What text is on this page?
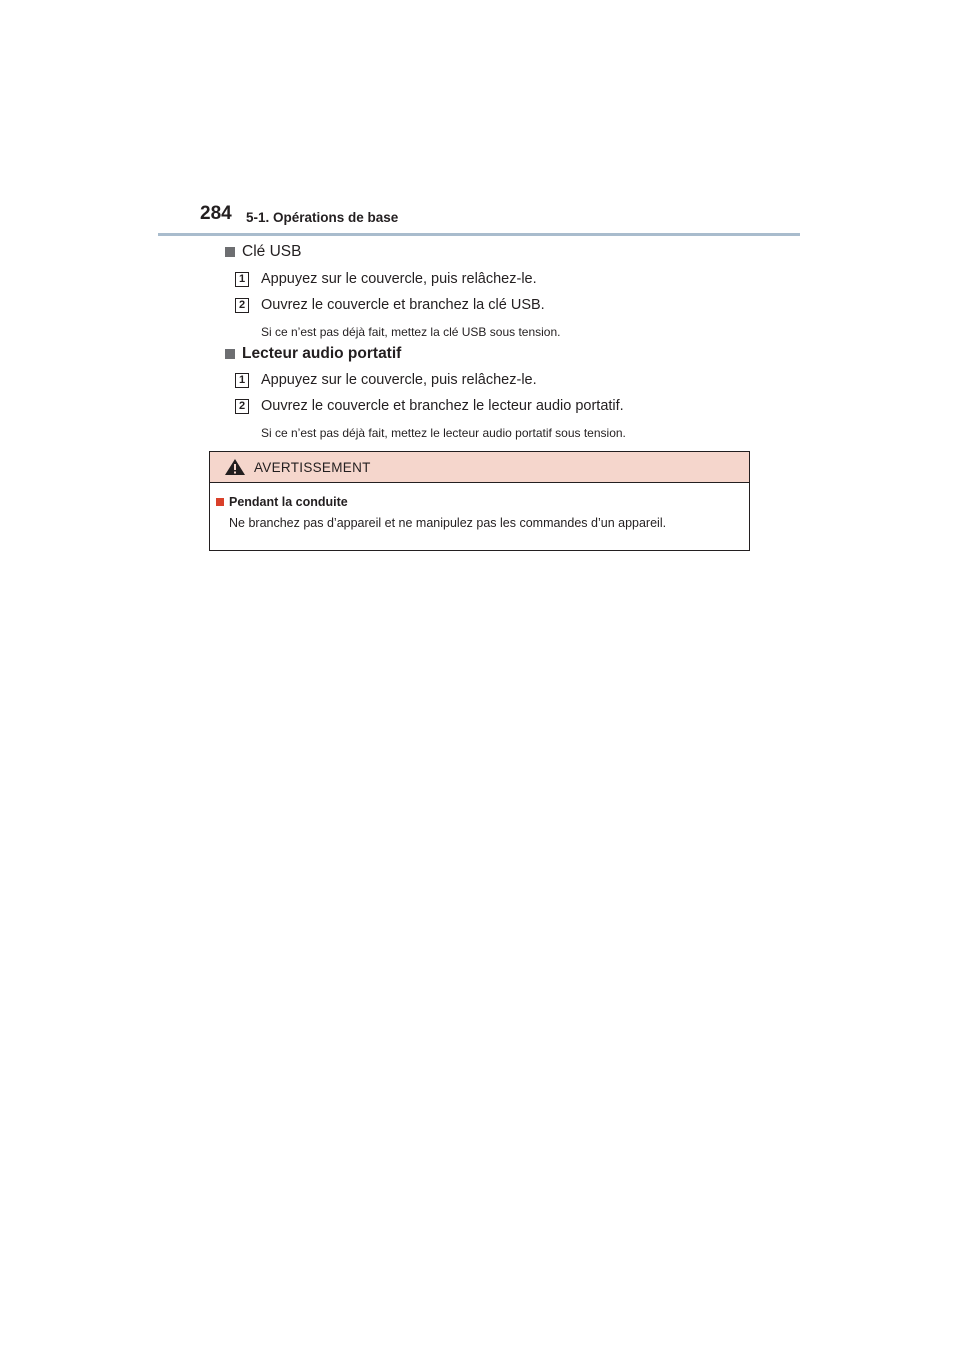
284 5-1. Opérations de base
Clé USB
1 Appuyez sur le couvercle, puis relâchez-le.
2 Ouvrez le couvercle et branchez la clé USB.
Si ce n’est pas déjà fait, mettez la clé USB sous tension.
Lecteur audio portatif
1 Appuyez sur le couvercle, puis relâchez-le.
2 Ouvrez le couvercle et branchez le lecteur audio portatif.
Si ce n’est pas déjà fait, mettez le lecteur audio portatif sous tension.
AVERTISSEMENT
Pendant la conduite
Ne branchez pas d’appareil et ne manipulez pas les commandes d’un appareil.
